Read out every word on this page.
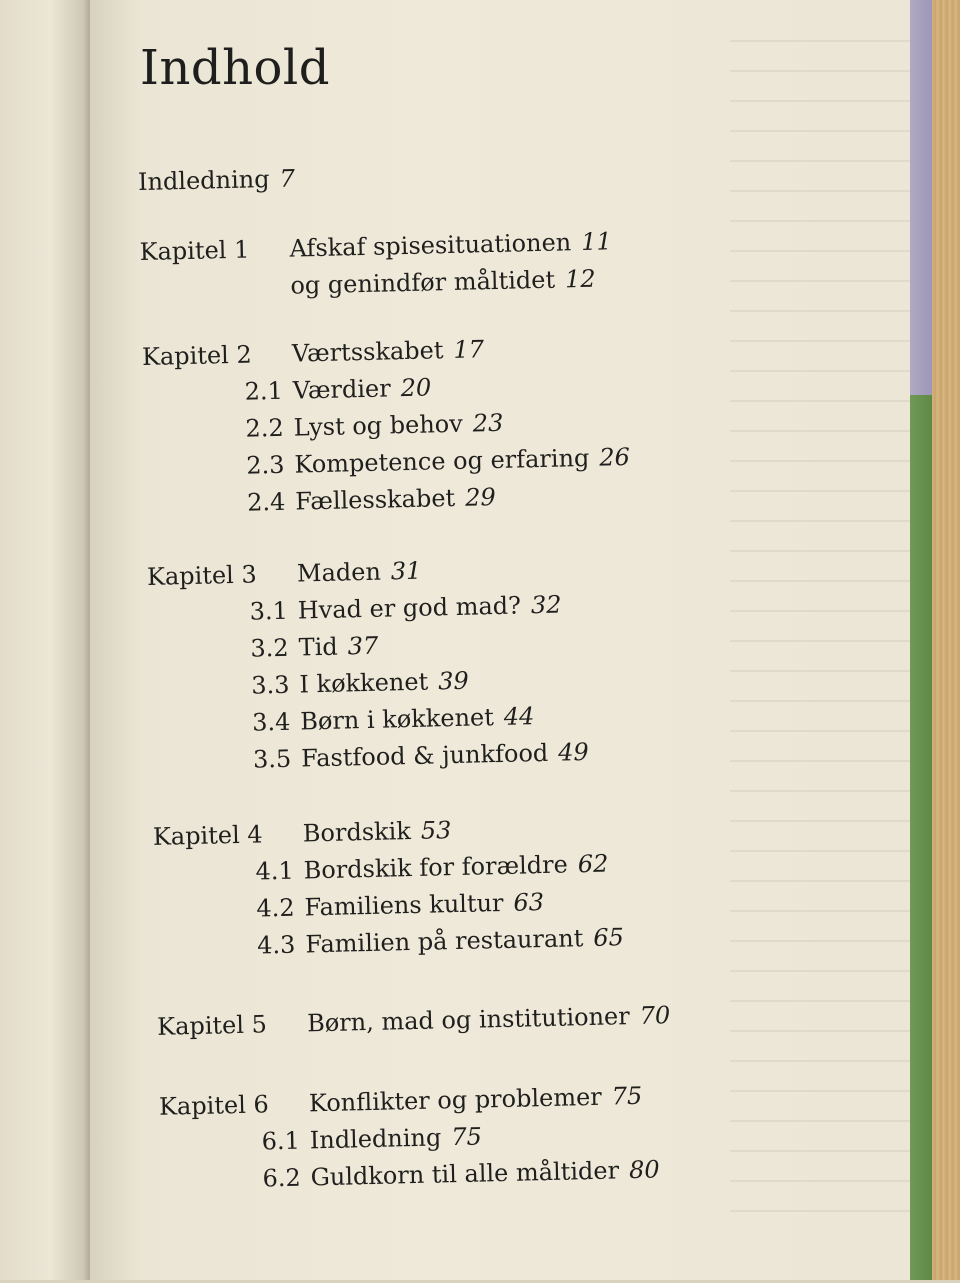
Indhold
Indledning 7
Kapitel 1	Afskaf spisesituationen 11
og genindfør måltidet 12
Kapitel 2	Værtsskabet 17
2.1 Værdier 20
2.2 Lyst og behov 23
2.3 Kompetence og erfaring 26
2.4 Fællesskabet 29
Kapitel 3	Maden 31
3.1 Hvad er god mad? 32
3.2 Tid 37
3.3 I køkkenet 39
3.4 Børn i køkkenet 44
3.5 Fastfood & junkfood 49
Kapitel 4	Bordskik 53
4.1 Bordskik for forældre 62
4.2 Familiens kultur 63
4.3 Familien på restaurant 65
Kapitel 5	Børn, mad og institutioner 70
Kapitel 6	Konflikter og problemer 75
6.1 Indledning 75
6.2 Guldkorn til alle måltider 80
